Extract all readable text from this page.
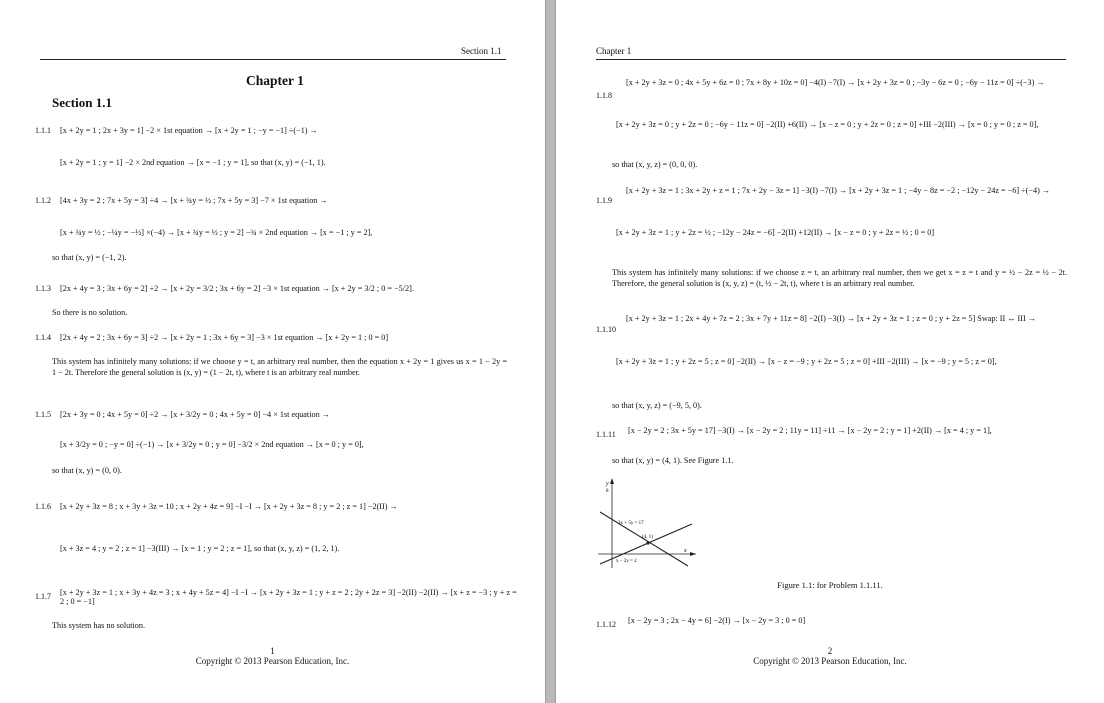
Section 1.1
Chapter 1
Section 1.1
1.1.1 [x + 2y = 1 ; 2x + 3y = 1] −2 × 1st equation → [x + 2y = 1 ; −y = −1] ÷(−1) →
[x + 2y = 1 ; y = 1] −2 × 2nd equation → [x = −1 ; y = 1], so that (x, y) = (−1, 1).
1.1.2 [4x + 3y = 2 ; 7x + 5y = 3] ÷4 → [x + ¾y = ½ ; 7x + 5y = 3] −7 × 1st equation →
[x + ¾y = ½ ; −¼y = −½] ×(−4) → [x + ¾y = ½ ; y = 2] −¾ × 2nd equation → [x = −1 ; y = 2],
so that (x, y) = (−1, 2).
1.1.3 [2x + 4y = 3 ; 3x + 6y = 2] ÷2 → [x + 2y = 3/2 ; 3x + 6y = 2] −3 × 1st equation → [x + 2y = 3/2 ; 0 = −5/2].
So there is no solution.
1.1.4 [2x + 4y = 2 ; 3x + 6y = 3] ÷2 → [x + 2y = 1 ; 3x + 6y = 3] −3 × 1st equation → [x + 2y = 1 ; 0 = 0]
This system has infinitely many solutions: if we choose y = t, an arbitrary real number, then the equation x + 2y = 1 gives us x = 1 − 2y = 1 − 2t. Therefore the general solution is (x, y) = (1 − 2t, t), where t is an arbitrary real number.
1.1.5 [2x + 3y = 0 ; 4x + 5y = 0] ÷2 → [x + 3/2y = 0 ; 4x + 5y = 0] −4 × 1st equation →
[x + 3/2y = 0 ; −y = 0] ÷(−1) → [x + 3/2y = 0 ; y = 0] −3/2 × 2nd equation → [x = 0 ; y = 0],
so that (x, y) = (0, 0).
1.1.6 [x + 2y + 3z = 8 ; x + 3y + 3z = 10 ; x + 2y + 4z = 9] −I −I → [x + 2y + 3z = 8 ; y = 2 ; z = 1] −2(II) →
[x + 3z = 4 ; y = 2 ; z = 1] −3(III) → [x = 1 ; y = 2 ; z = 1], so that (x, y, z) = (1, 2, 1).
1.1.7 [x + 2y + 3z = 1 ; x + 3y + 4z = 3 ; x + 4y + 5z = 4] −I −I → [x + 2y + 3z = 1 ; y + z = 2 ; 2y + 2z = 3] −2(II) −2(II) → [x + z = −3 ; y + z = 2 ; 0 = −1]
This system has no solution.
1
Copyright © 2013 Pearson Education, Inc.
Chapter 1
1.1.8
[x + 2y + 3z = 0 ; 4x + 5y + 6z = 0 ; 7x + 8y + 10z = 0] −4(I) −7(I) → [x + 2y + 3z = 0 ; −3y − 6z = 0 ; −6y − 11z = 0] ÷(−3) →
[x + 2y + 3z = 0 ; y + 2z = 0 ; −6y − 11z = 0] −2(II) +6(II) → [x − z = 0 ; y + 2z = 0 ; z = 0] +III −2(III) → [x = 0 ; y = 0 ; z = 0],
so that (x, y, z) = (0, 0, 0).
1.1.9
[x + 2y + 3z = 1 ; 3x + 2y + z = 1 ; 7x + 2y − 3z = 1] −3(I) −7(I) → [x + 2y + 3z = 1 ; −4y − 8z = −2 ; −12y − 24z = −6] ÷(−4) →
[x + 2y + 3z = 1 ; y + 2z = ½ ; −12y − 24z = −6] −2(II) +12(II) → [x − z = 0 ; y + 2z = ½ ; 0 = 0]
This system has infinitely many solutions: if we choose z = t, an arbitrary real number, then we get x = z = t and y = ½ − 2z = ½ − 2t. Therefore, the general solution is (x, y, z) = (t, ½ − 2t, t), where t is an arbitrary real number.
1.1.10
[x + 2y + 3z = 1 ; 2x + 4y + 7z = 2 ; 3x + 7y + 11z = 8] −2(I) −3(I) → [x + 2y + 3z = 1 ; z = 0 ; y + 2z = 5] Swap: II ↔ III →
[x + 2y + 3z = 1 ; y + 2z = 5 ; z = 0] −2(II) → [x − z = −9 ; y + 2z = 5 ; z = 0] +III −2(III) → [x = −9 ; y = 5 ; z = 0],
so that (x, y, z) = (−9, 5, 0).
1.1.11 [x − 2y = 2 ; 3x + 5y = 17] −3(I) → [x − 2y = 2 ; 11y = 11] ÷11 → [x − 2y = 2 ; y = 1] +2(II) → [x = 4 ; y = 1],
so that (x, y) = (4, 1). See Figure 1.1.
y
x
8
3x + 5y = 17
(4, 1)
x − 2y = 2
Figure 1.1: for Problem 1.1.11.
1.1.12 [x − 2y = 3 ; 2x − 4y = 6] −2(I) → [x − 2y = 3 ; 0 = 0]
2
Copyright © 2013 Pearson Education, Inc.
